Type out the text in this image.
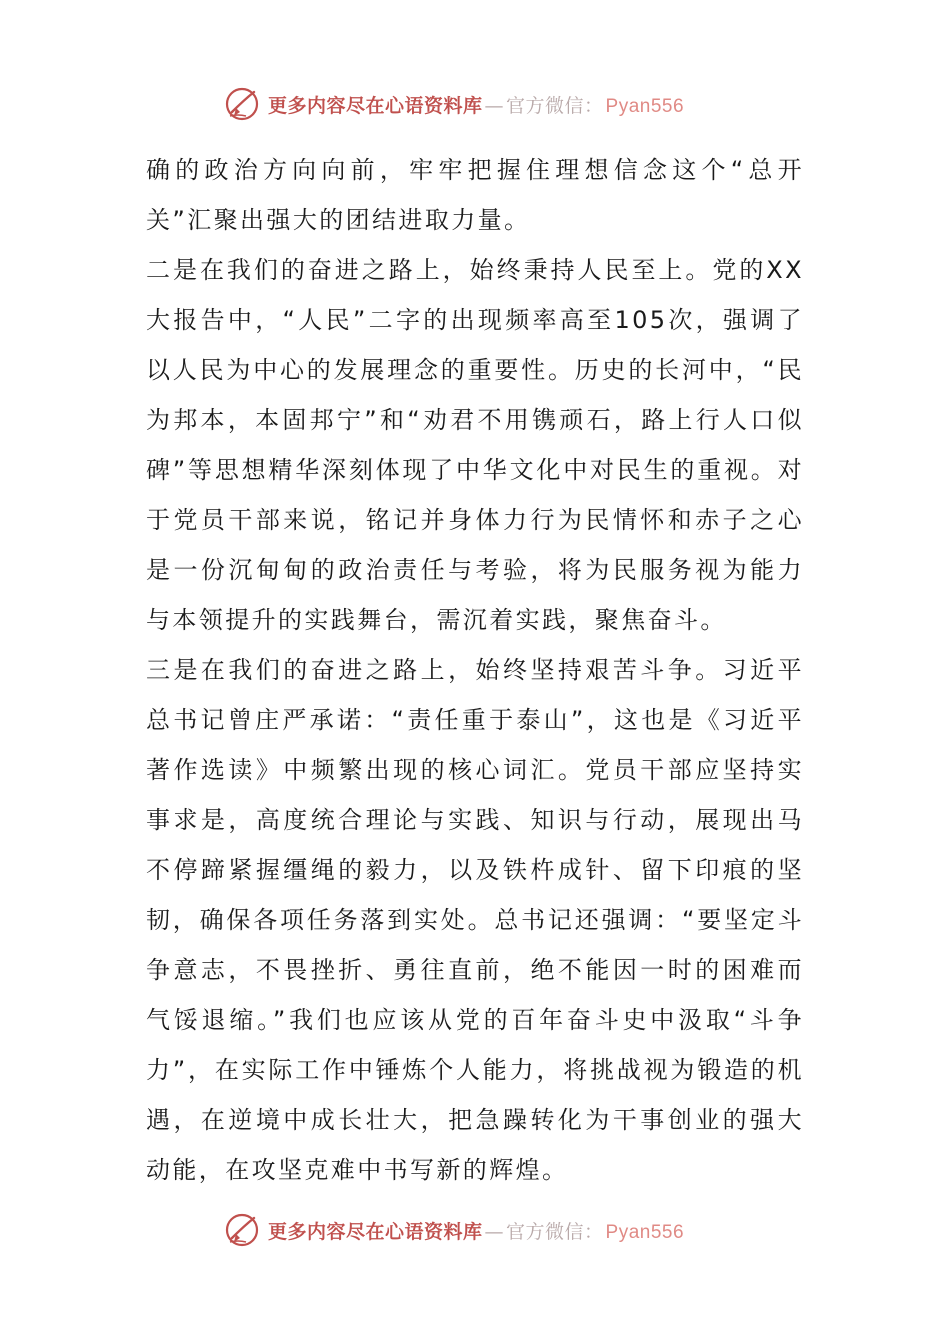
更多内容尽在心语资料库 — 官方微信： Pyan556

确的政治方向向前，牢牢把握住理想信念这个“总开关”汇聚出强大的团结进取力量。

二是在我们的奋进之路上，始终秉持人民至上。党的XX大报告中，“人民”二字的出现频率高至105次，强调了以人民为中心的发展理念的重要性。历史的长河中，“民为邦本，本固邦宁”和“劝君不用镌顽石，路上行人口似碑”等思想精华深刻体现了中华文化中对民生的重视。对于党员干部来说，铭记并身体力行为民情怀和赤子之心是一份沉甸甸的政治责任与考验，将为民服务视为能力与本领提升的实践舞台，需沉着实践，聚焦奋斗。

三是在我们的奋进之路上，始终坚持艰苦斗争。习近平总书记曾庄严承诺：“责任重于泰山”，这也是《习近平著作选读》中频繁出现的核心词汇。党员干部应坚持实事求是，高度统合理论与实践、知识与行动，展现出马不停蹄紧握缰绳的毅力，以及铁杵成针、留下印痕的坚韧，确保各项任务落到实处。总书记还强调：“要坚定斗争意志，不畏挫折、勇往直前，绝不能因一时的困难而气馁退缩。”我们也应该从党的百年奋斗史中汲取“斗争力”，在实际工作中锤炼个人能力，将挑战视为锻造的机遇，在逆境中成长壮大，把急躁转化为干事创业的强大动能，在攻坚克难中书写新的辉煌。

更多内容尽在心语资料库 — 官方微信： Pyan556
